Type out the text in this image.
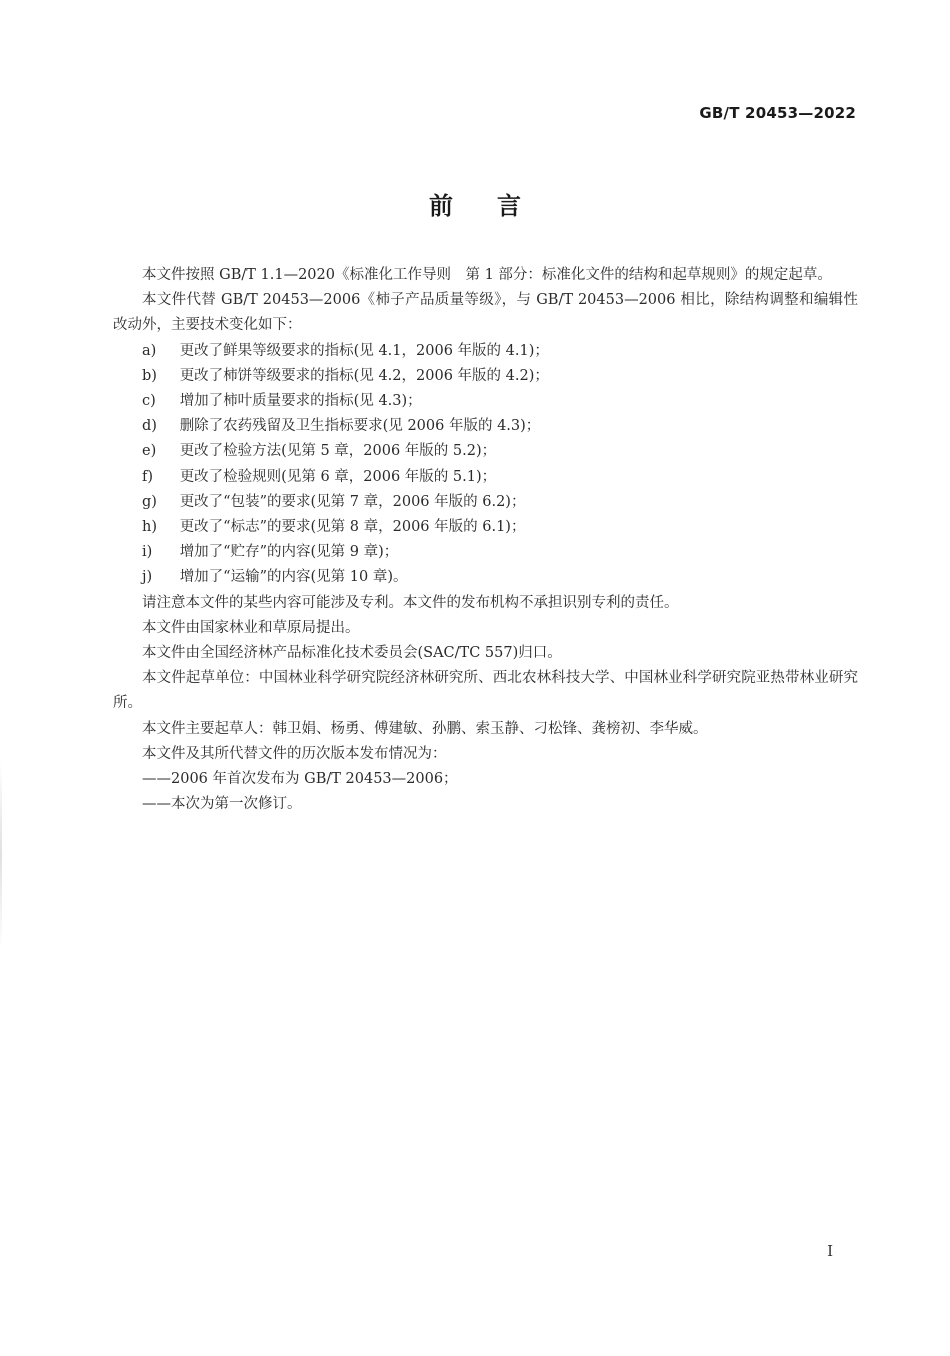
GB/T 20453—2022
前言

本文件按照 GB/T 1.1—2020《标准化工作导则　第 1 部分：标准化文件的结构和起草规则》的规定起草。

本文件代替 GB/T 20453—2006《柿子产品质量等级》，与 GB/T 20453—2006 相比，除结构调整和编辑性改动外，主要技术变化如下：

a) 更改了鲜果等级要求的指标(见 4.1，2006 年版的 4.1)；

b) 更改了柿饼等级要求的指标(见 4.2，2006 年版的 4.2)；

c) 增加了柿叶质量要求的指标(见 4.3)；

d) 删除了农药残留及卫生指标要求(见 2006 年版的 4.3)；

e) 更改了检验方法(见第 5 章，2006 年版的 5.2)；

f) 更改了检验规则(见第 6 章，2006 年版的 5.1)；

g) 更改了“包装”的要求(见第 7 章，2006 年版的 6.2)；

h) 更改了“标志”的要求(见第 8 章，2006 年版的 6.1)；

i) 增加了“贮存”的内容(见第 9 章)；

j) 增加了“运输”的内容(见第 10 章)。

请注意本文件的某些内容可能涉及专利。本文件的发布机构不承担识别专利的责任。

本文件由国家林业和草原局提出。

本文件由全国经济林产品标准化技术委员会(SAC/TC 557)归口。

本文件起草单位：中国林业科学研究院经济林研究所、西北农林科技大学、中国林业科学研究院亚热带林业研究所。

本文件主要起草人：韩卫娟、杨勇、傅建敏、孙鹏、索玉静、刁松锋、龚榜初、李华威。

本文件及其所代替文件的历次版本发布情况为：

——2006 年首次发布为 GB/T 20453—2006；

——本次为第一次修订。

I
